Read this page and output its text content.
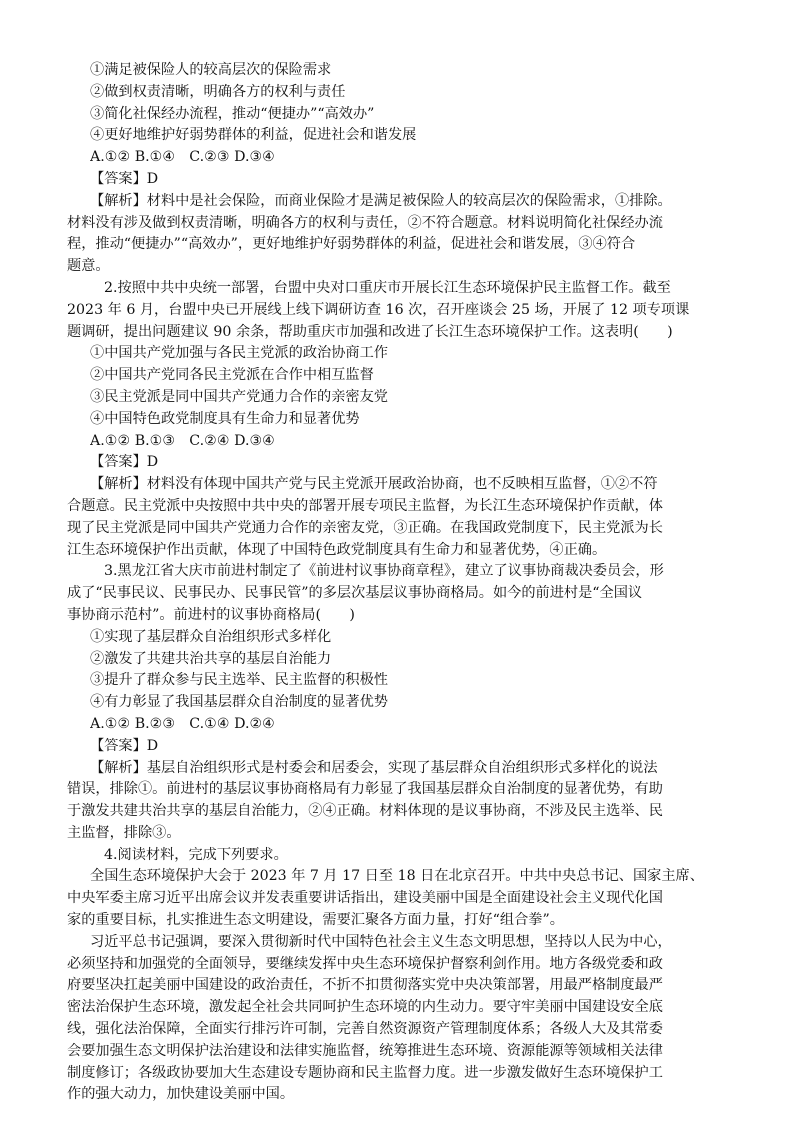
①满足被保险人的较高层次的保险需求
②做到权责清晰，明确各方的权利与责任
③简化社保经办流程，推动“便捷办”“高效办”
④更好地维护好弱势群体的利益，促进社会和谐发展
A.①② B.①④　C.②③ D.③④
【答案】D
【解析】材料中是社会保险，而商业保险才是满足被保险人的较高层次的保险需求，①排除。
材料没有涉及做到权责清晰，明确各方的权利与责任，②不符合题意。材料说明简化社保经办流
程，推动“便捷办”“高效办”，更好地维护好弱势群体的利益，促进社会和谐发展，③④符合
题意。
2.按照中共中央统一部署，台盟中央对口重庆市开展长江生态环境保护民主监督工作。截至
2023 年 6 月，台盟中央已开展线上线下调研访查 16 次，召开座谈会 25 场，开展了 12 项专项课
题调研，提出问题建议 90 余条，帮助重庆市加强和改进了长江生态环境保护工作。这表明(　　)
①中国共产党加强与各民主党派的政治协商工作
②中国共产党同各民主党派在合作中相互监督
③民主党派是同中国共产党通力合作的亲密友党
④中国特色政党制度具有生命力和显著优势
A.①② B.①③　C.②④ D.③④
【答案】D
【解析】材料没有体现中国共产党与民主党派开展政治协商，也不反映相互监督，①②不符
合题意。民主党派中央按照中共中央的部署开展专项民主监督，为长江生态环境保护作贡献，体
现了民主党派是同中国共产党通力合作的亲密友党，③正确。在我国政党制度下，民主党派为长
江生态环境保护作出贡献，体现了中国特色政党制度具有生命力和显著优势，④正确。
3.黑龙江省大庆市前进村制定了《前进村议事协商章程》，建立了议事协商裁决委员会，形
成了“民事民议、民事民办、民事民管”的多层次基层议事协商格局。如今的前进村是“全国议
事协商示范村”。前进村的议事协商格局(　　)
①实现了基层群众自治组织形式多样化
②激发了共建共治共享的基层自治能力
③提升了群众参与民主选举、民主监督的积极性
④有力彰显了我国基层群众自治制度的显著优势
A.①② B.②③　C.①④ D.②④
【答案】D
【解析】基层自治组织形式是村委会和居委会，实现了基层群众自治组织形式多样化的说法
错误，排除①。前进村的基层议事协商格局有力彰显了我国基层群众自治制度的显著优势，有助
于激发共建共治共享的基层自治能力，②④正确。材料体现的是议事协商，不涉及民主选举、民
主监督，排除③。
4.阅读材料，完成下列要求。
全国生态环境保护大会于 2023 年 7 月 17 日至 18 日在北京召开。中共中央总书记、国家主席、
中央军委主席习近平出席会议并发表重要讲话指出，建设美丽中国是全面建设社会主义现代化国
家的重要目标，扎实推进生态文明建设，需要汇聚各方面力量，打好“组合拳”。
习近平总书记强调，要深入贯彻新时代中国特色社会主义生态文明思想，坚持以人民为中心，
必须坚持和加强党的全面领导，要继续发挥中央生态环境保护督察利剑作用。地方各级党委和政
府要坚决扛起美丽中国建设的政治责任，不折不扣贯彻落实党中央决策部署，用最严格制度最严
密法治保护生态环境，激发起全社会共同呵护生态环境的内生动力。要守牢美丽中国建设安全底
线，强化法治保障，全面实行排污许可制，完善自然资源资产管理制度体系；各级人大及其常委
会要加强生态文明保护法治建设和法律实施监督，统筹推进生态环境、资源能源等领域相关法律
制度修订；各级政协要加大生态建设专题协商和民主监督力度。进一步激发做好生态环境保护工
作的强大动力，加快建设美丽中国。
